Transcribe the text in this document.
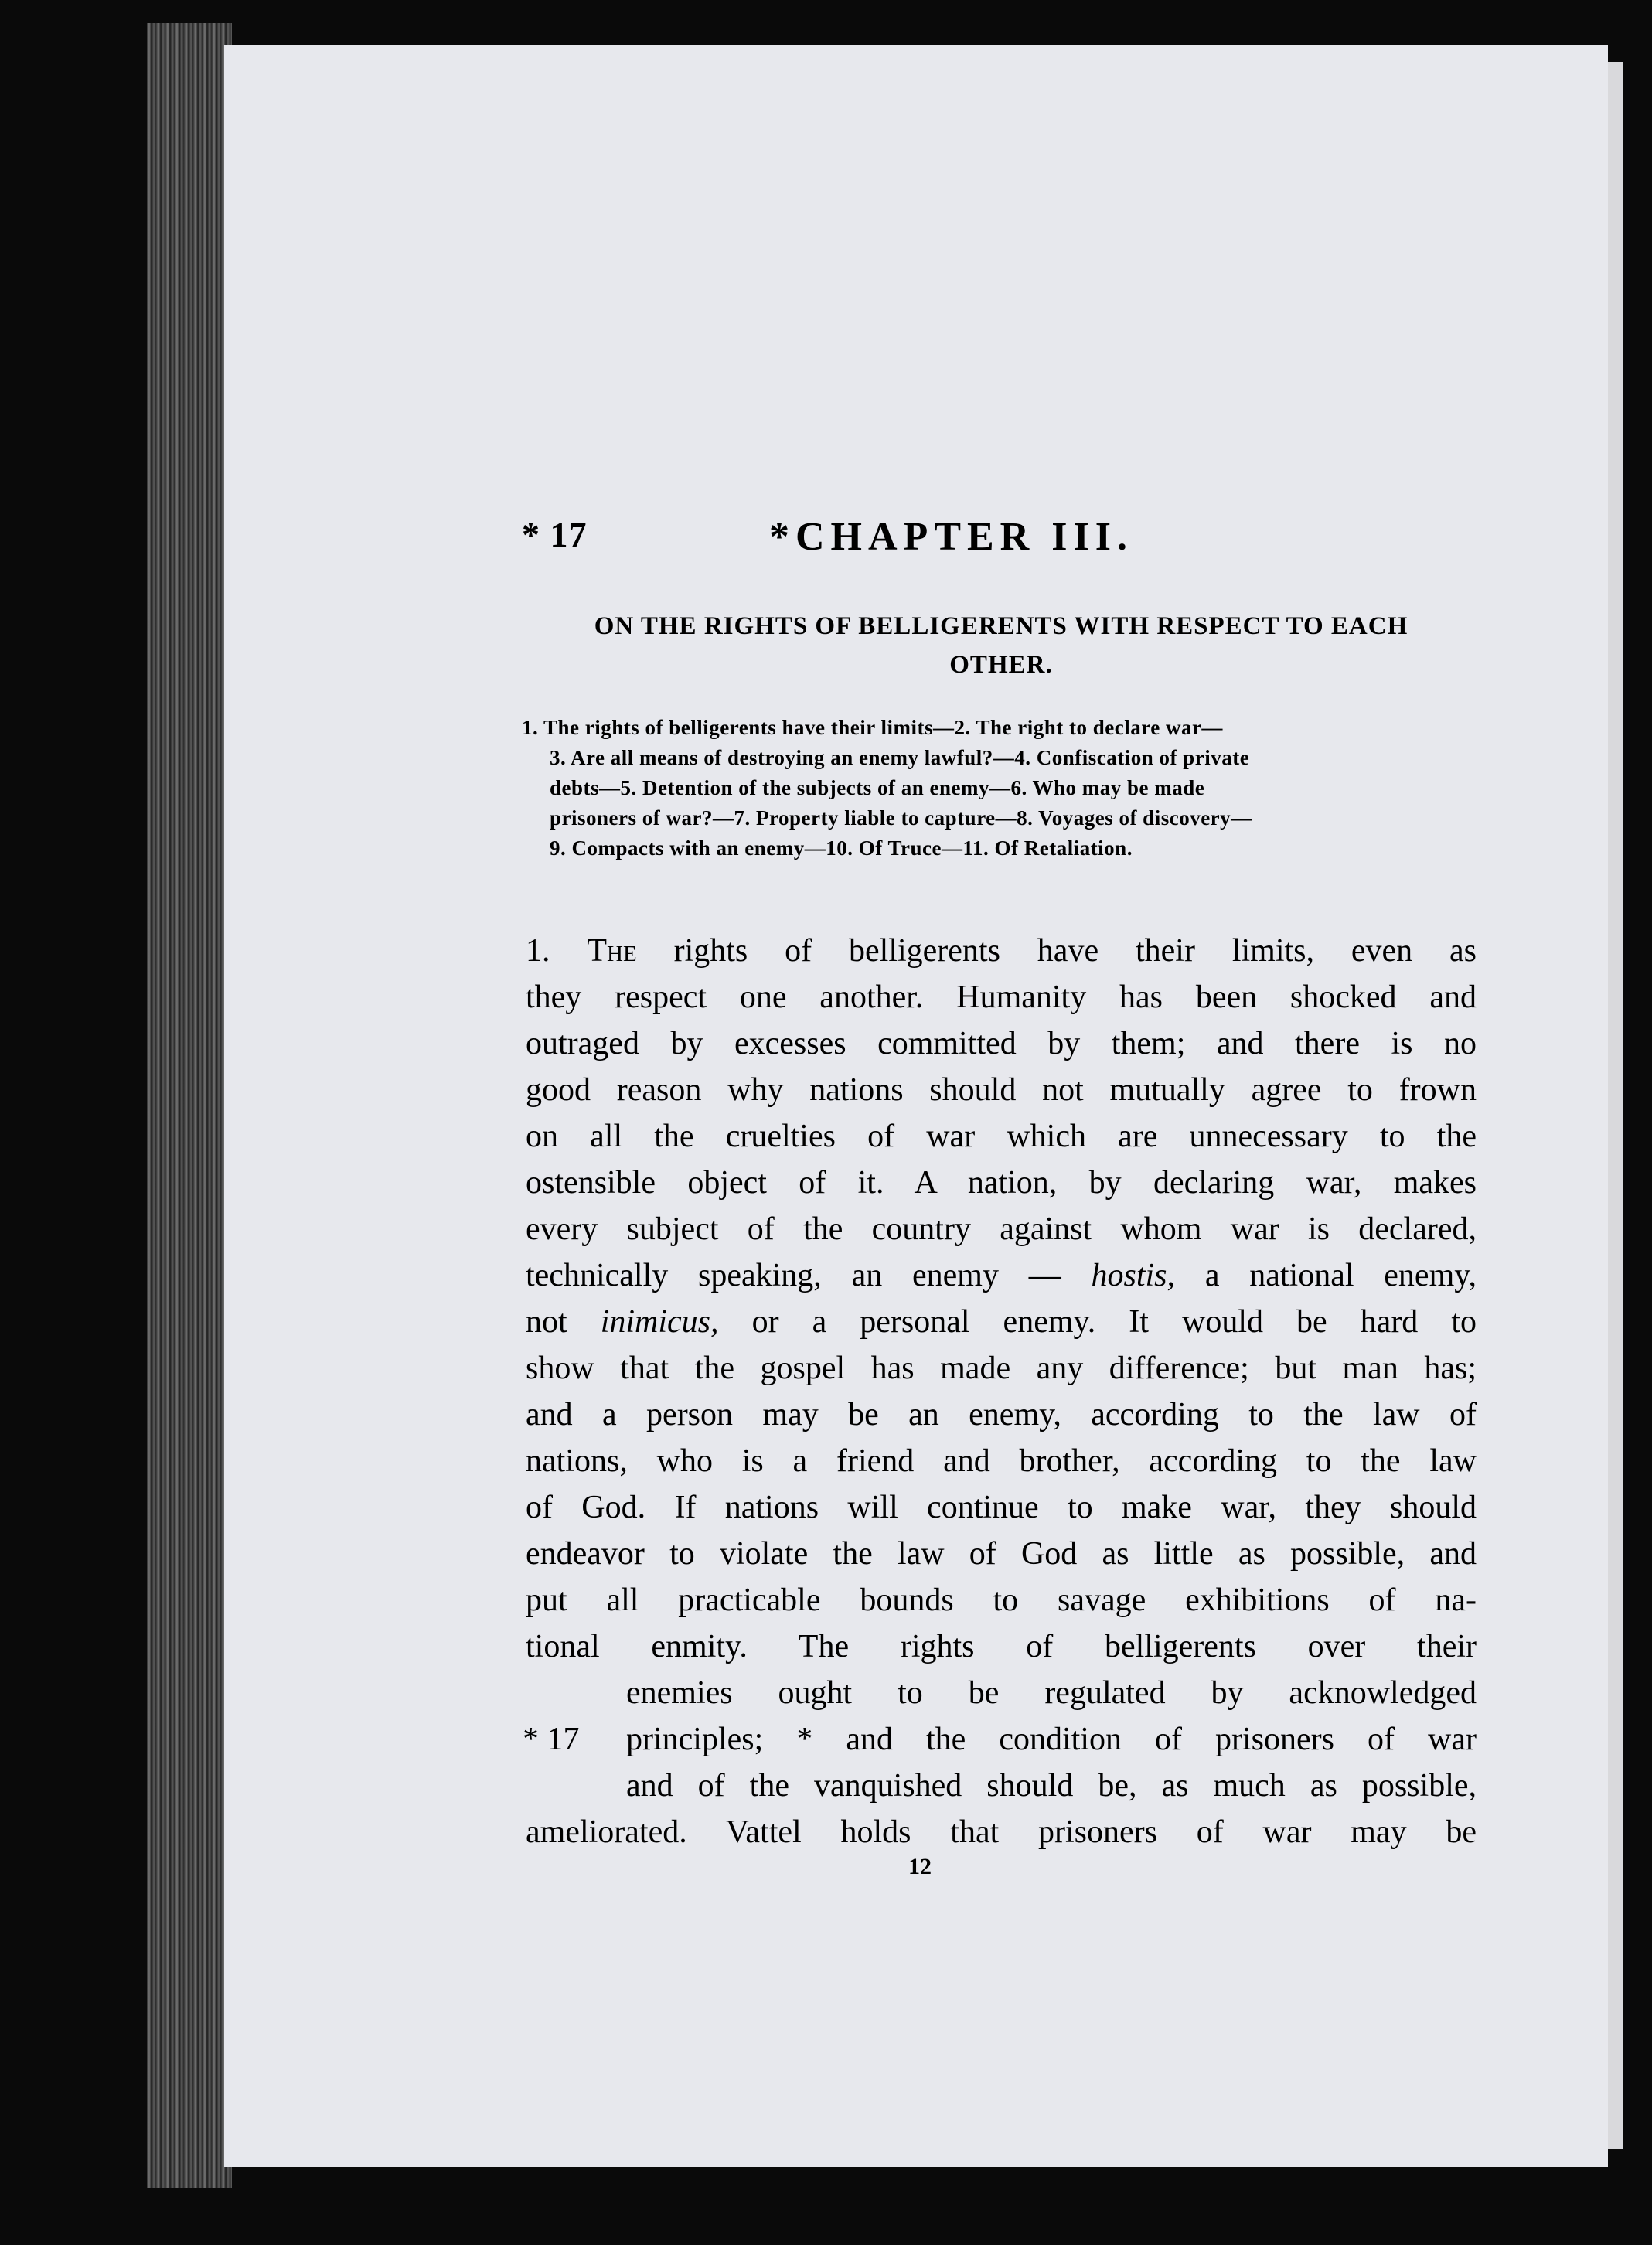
* 17	*CHAPTER III.
ON THE RIGHTS OF BELLIGERENTS WITH RESPECT TO EACH
OTHER.
1. The rights of belligerents have their limits—2. The right to declare war—
3. Are all means of destroying an enemy lawful?—4. Confiscation of private
debts—5. Detention of the subjects of an enemy—6. Who may be made
prisoners of war?—7. Property liable to capture—8. Voyages of discovery—
9. Compacts with an enemy—10. Of Truce—11. Of Retaliation.
1. The rights of belligerents have their limits, even as
they respect one another. Humanity has been shocked and
outraged by excesses committed by them; and there is no
good reason why nations should not mutually agree to frown
on all the cruelties of war which are unnecessary to the
ostensible object of it. A nation, by declaring war, makes
every subject of the country against whom war is declared,
technically speaking, an enemy — hostis, a national enemy,
not inimicus, or a personal enemy. It would be hard to
show that the gospel has made any difference; but man has;
and a person may be an enemy, according to the law of
nations, who is a friend and brother, according to the law
of God. If nations will continue to make war, they should
endeavor to violate the law of God as little as possible, and
put all practicable bounds to savage exhibitions of na-
tional enmity. The rights of belligerents over their
enemies ought to be regulated by acknowledged
* 17 principles; * and the condition of prisoners of war
and of the vanquished should be, as much as possible,
ameliorated. Vattel holds that prisoners of war may be
12
